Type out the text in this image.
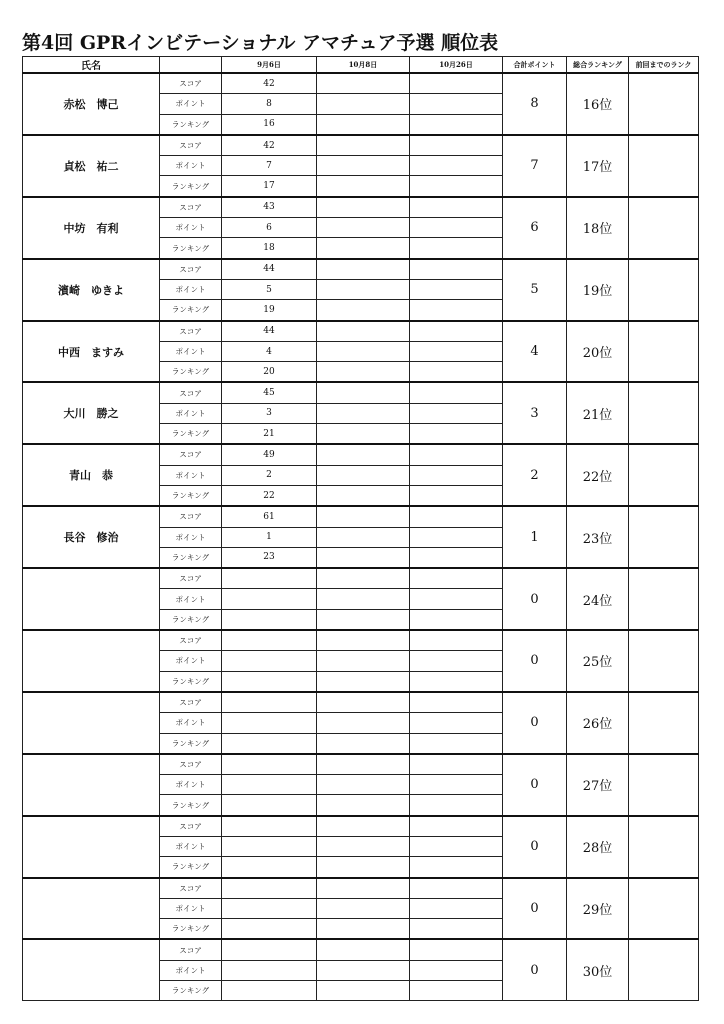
第4回 GPRインビテーショナル アマチュア予選 順位表
氏名		9月6日	10月8日	10月26日	合計ポイント	総合ランキング	前回までのランク
赤松　博己	スコア	42			8	16位	
	ポイント	8					
	ランキング	16					
貞松　祐二	スコア	42			7	17位	
	ポイント	7					
	ランキング	17					
中坊　有利	スコア	43			6	18位	
	ポイント	6					
	ランキング	18					
濱崎　ゆきよ	スコア	44			5	19位	
	ポイント	5					
	ランキング	19					
中西　ますみ	スコア	44			4	20位	
	ポイント	4					
	ランキング	20					
大川　勝之	スコア	45			3	21位	
	ポイント	3					
	ランキング	21					
青山　恭	スコア	49			2	22位	
	ポイント	2					
	ランキング	22					
長谷　修治	スコア	61			1	23位	
	ポイント	1					
	ランキング	23					
	スコア				0	24位	
	ポイント						
	ランキング						
	スコア				0	25位	
	ポイント						
	ランキング						
	スコア				0	26位	
	ポイント						
	ランキング						
	スコア				0	27位	
	ポイント						
	ランキング						
	スコア				0	28位	
	ポイント						
	ランキング						
	スコア				0	29位	
	ポイント						
	ランキング						
	スコア				0	30位	
	ポイント						
	ランキング						
